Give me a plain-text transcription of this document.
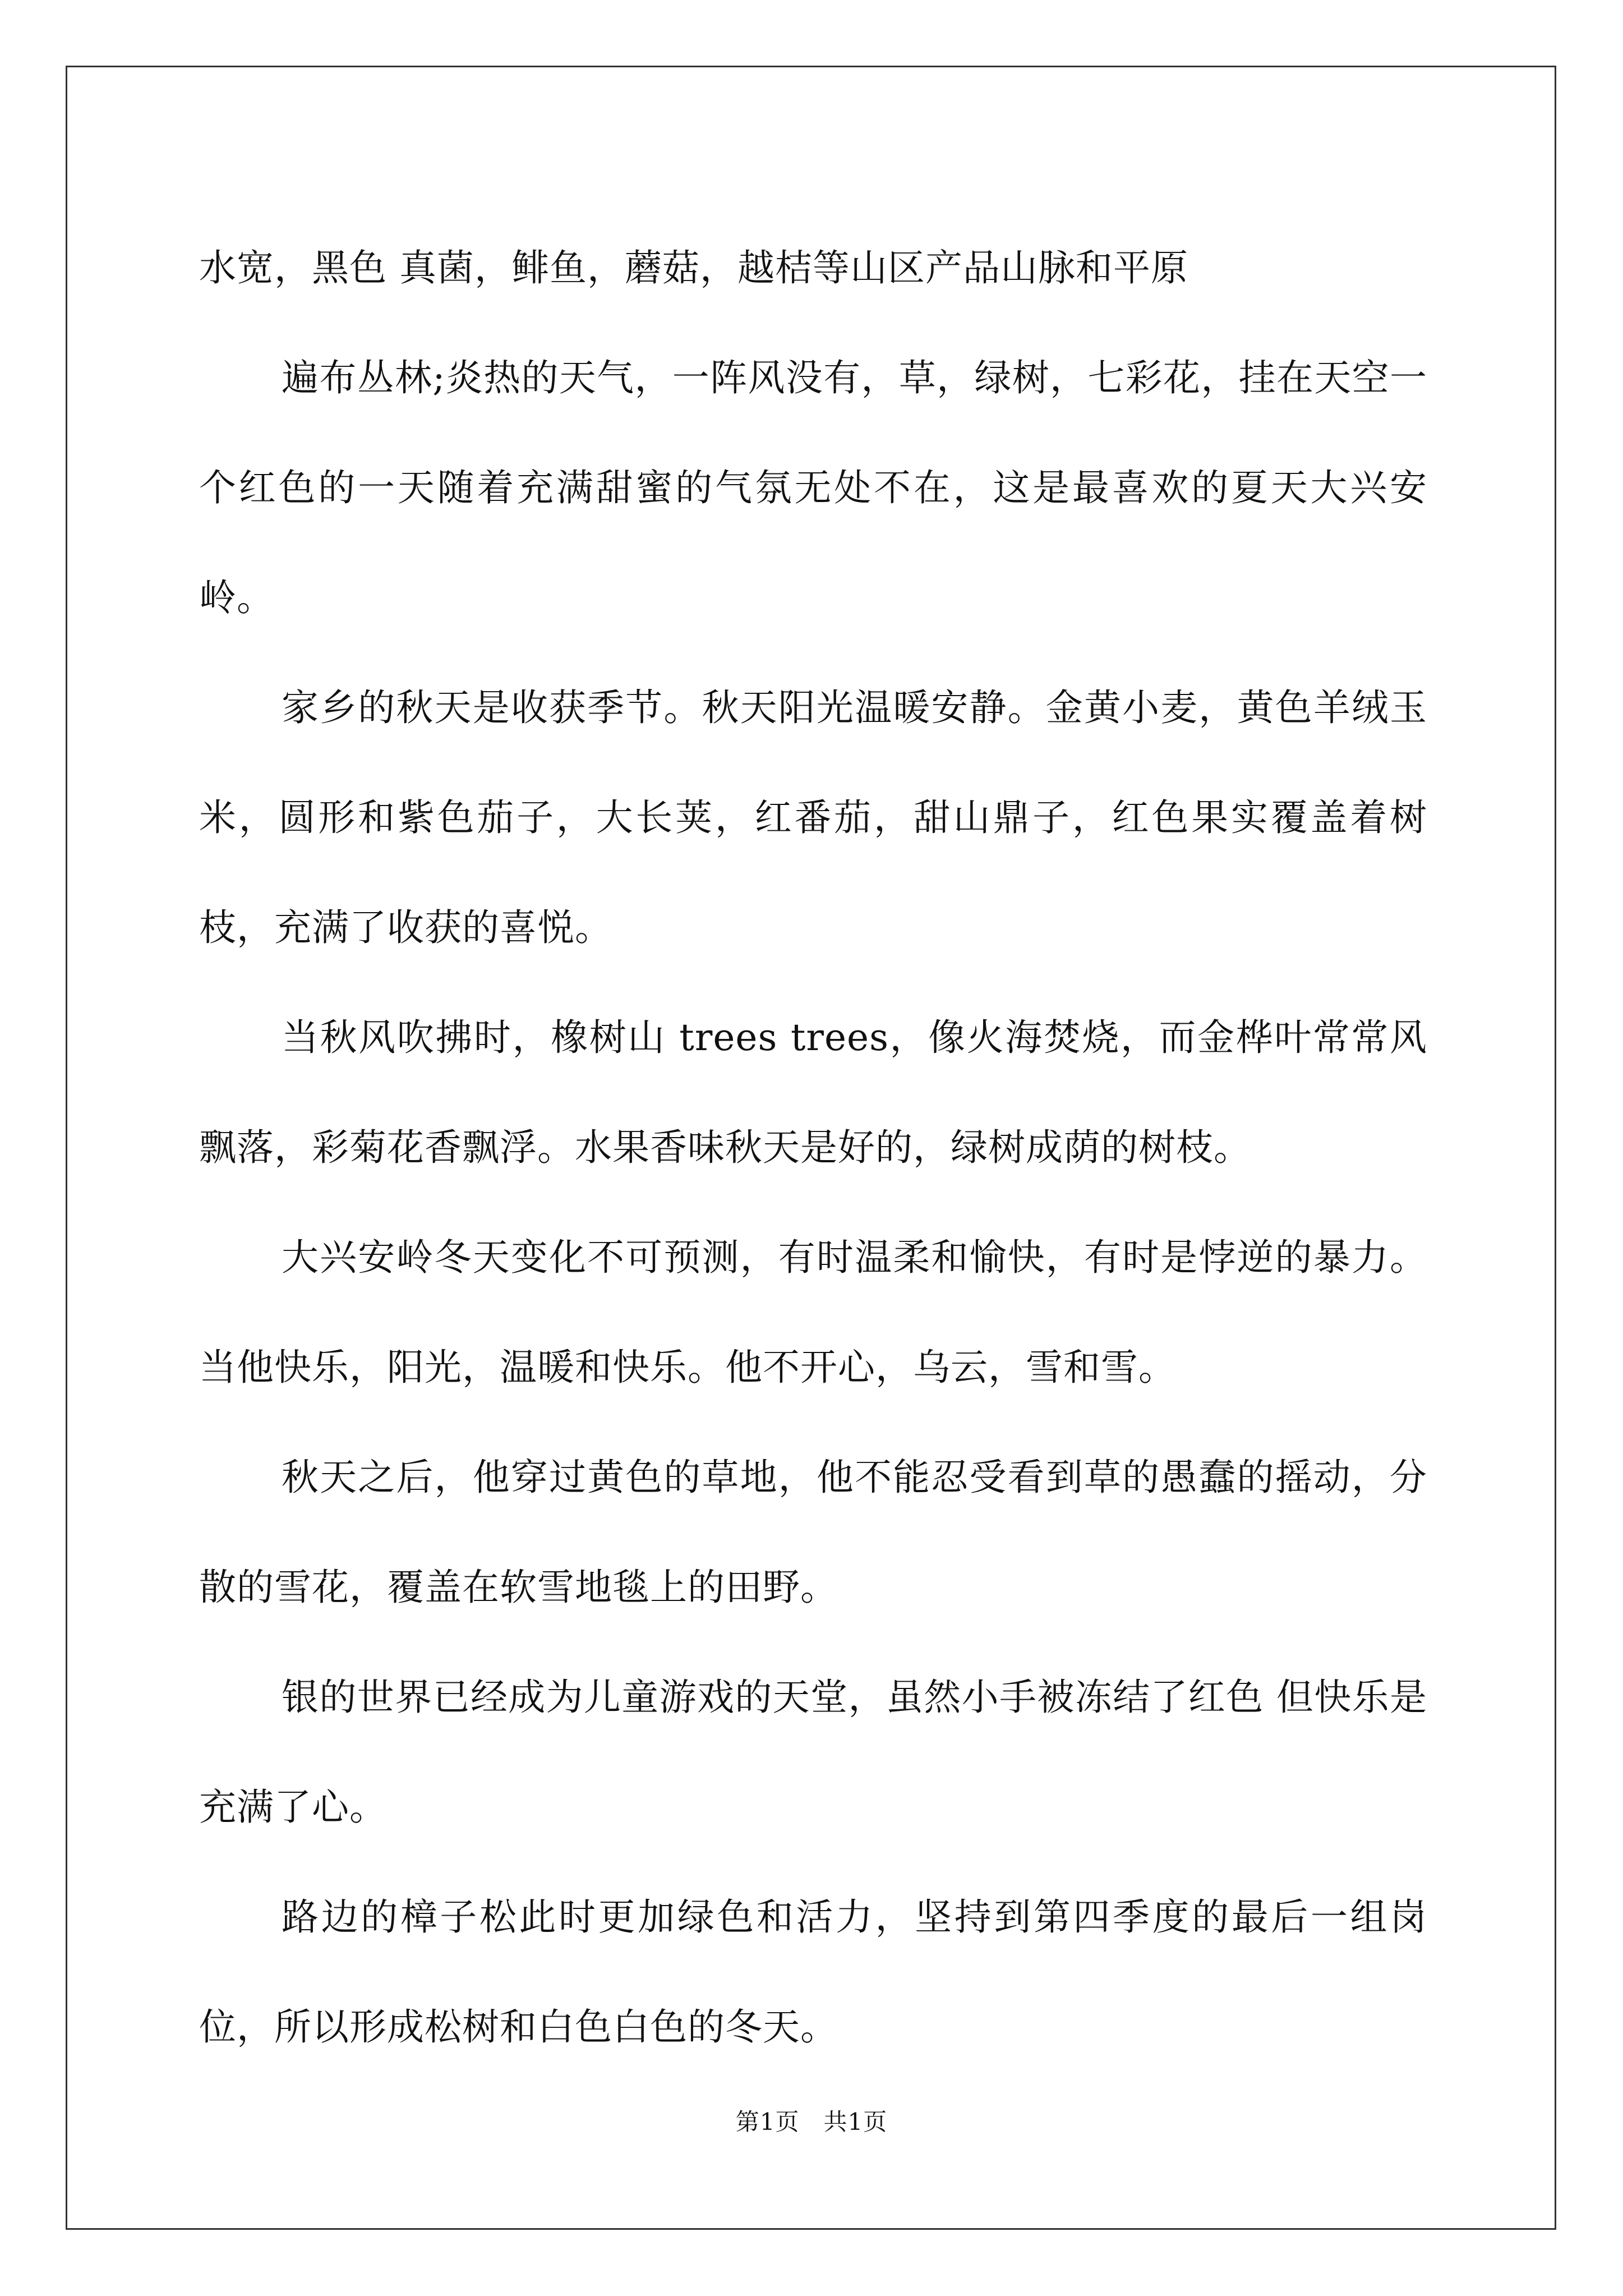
水宽，黑色 真菌，鲱鱼，蘑菇，越桔等山区产品山脉和平原

遍布丛林;炎热的天气，一阵风没有，草，绿树，七彩花，挂在天空一个红色的一天随着充满甜蜜的气氛无处不在，这是最喜欢的夏天大兴安岭。

家乡的秋天是收获季节。秋天阳光温暖安静。金黄小麦，黄色羊绒玉米，圆形和紫色茄子，大长荚，红番茄，甜山鼎子，红色果实覆盖着树枝，充满了收获的喜悦。

当秋风吹拂时，橡树山 trees trees，像火海焚烧，而金桦叶常常风飘落，彩菊花香飘浮。水果香味秋天是好的，绿树成荫的树枝。

大兴安岭冬天变化不可预测，有时温柔和愉快，有时是悖逆的暴力。当他快乐，阳光，温暖和快乐。他不开心，乌云，雪和雪。

秋天之后，他穿过黄色的草地，他不能忍受看到草的愚蠢的摇动，分散的雪花，覆盖在软雪地毯上的田野。

银的世界已经成为儿童游戏的天堂，虽然小手被冻结了红色 但快乐是充满了心。

路边的樟子松此时更加绿色和活力，坚持到第四季度的最后一组岗位，所以形成松树和白色白色的冬天。

第1页　共1页
